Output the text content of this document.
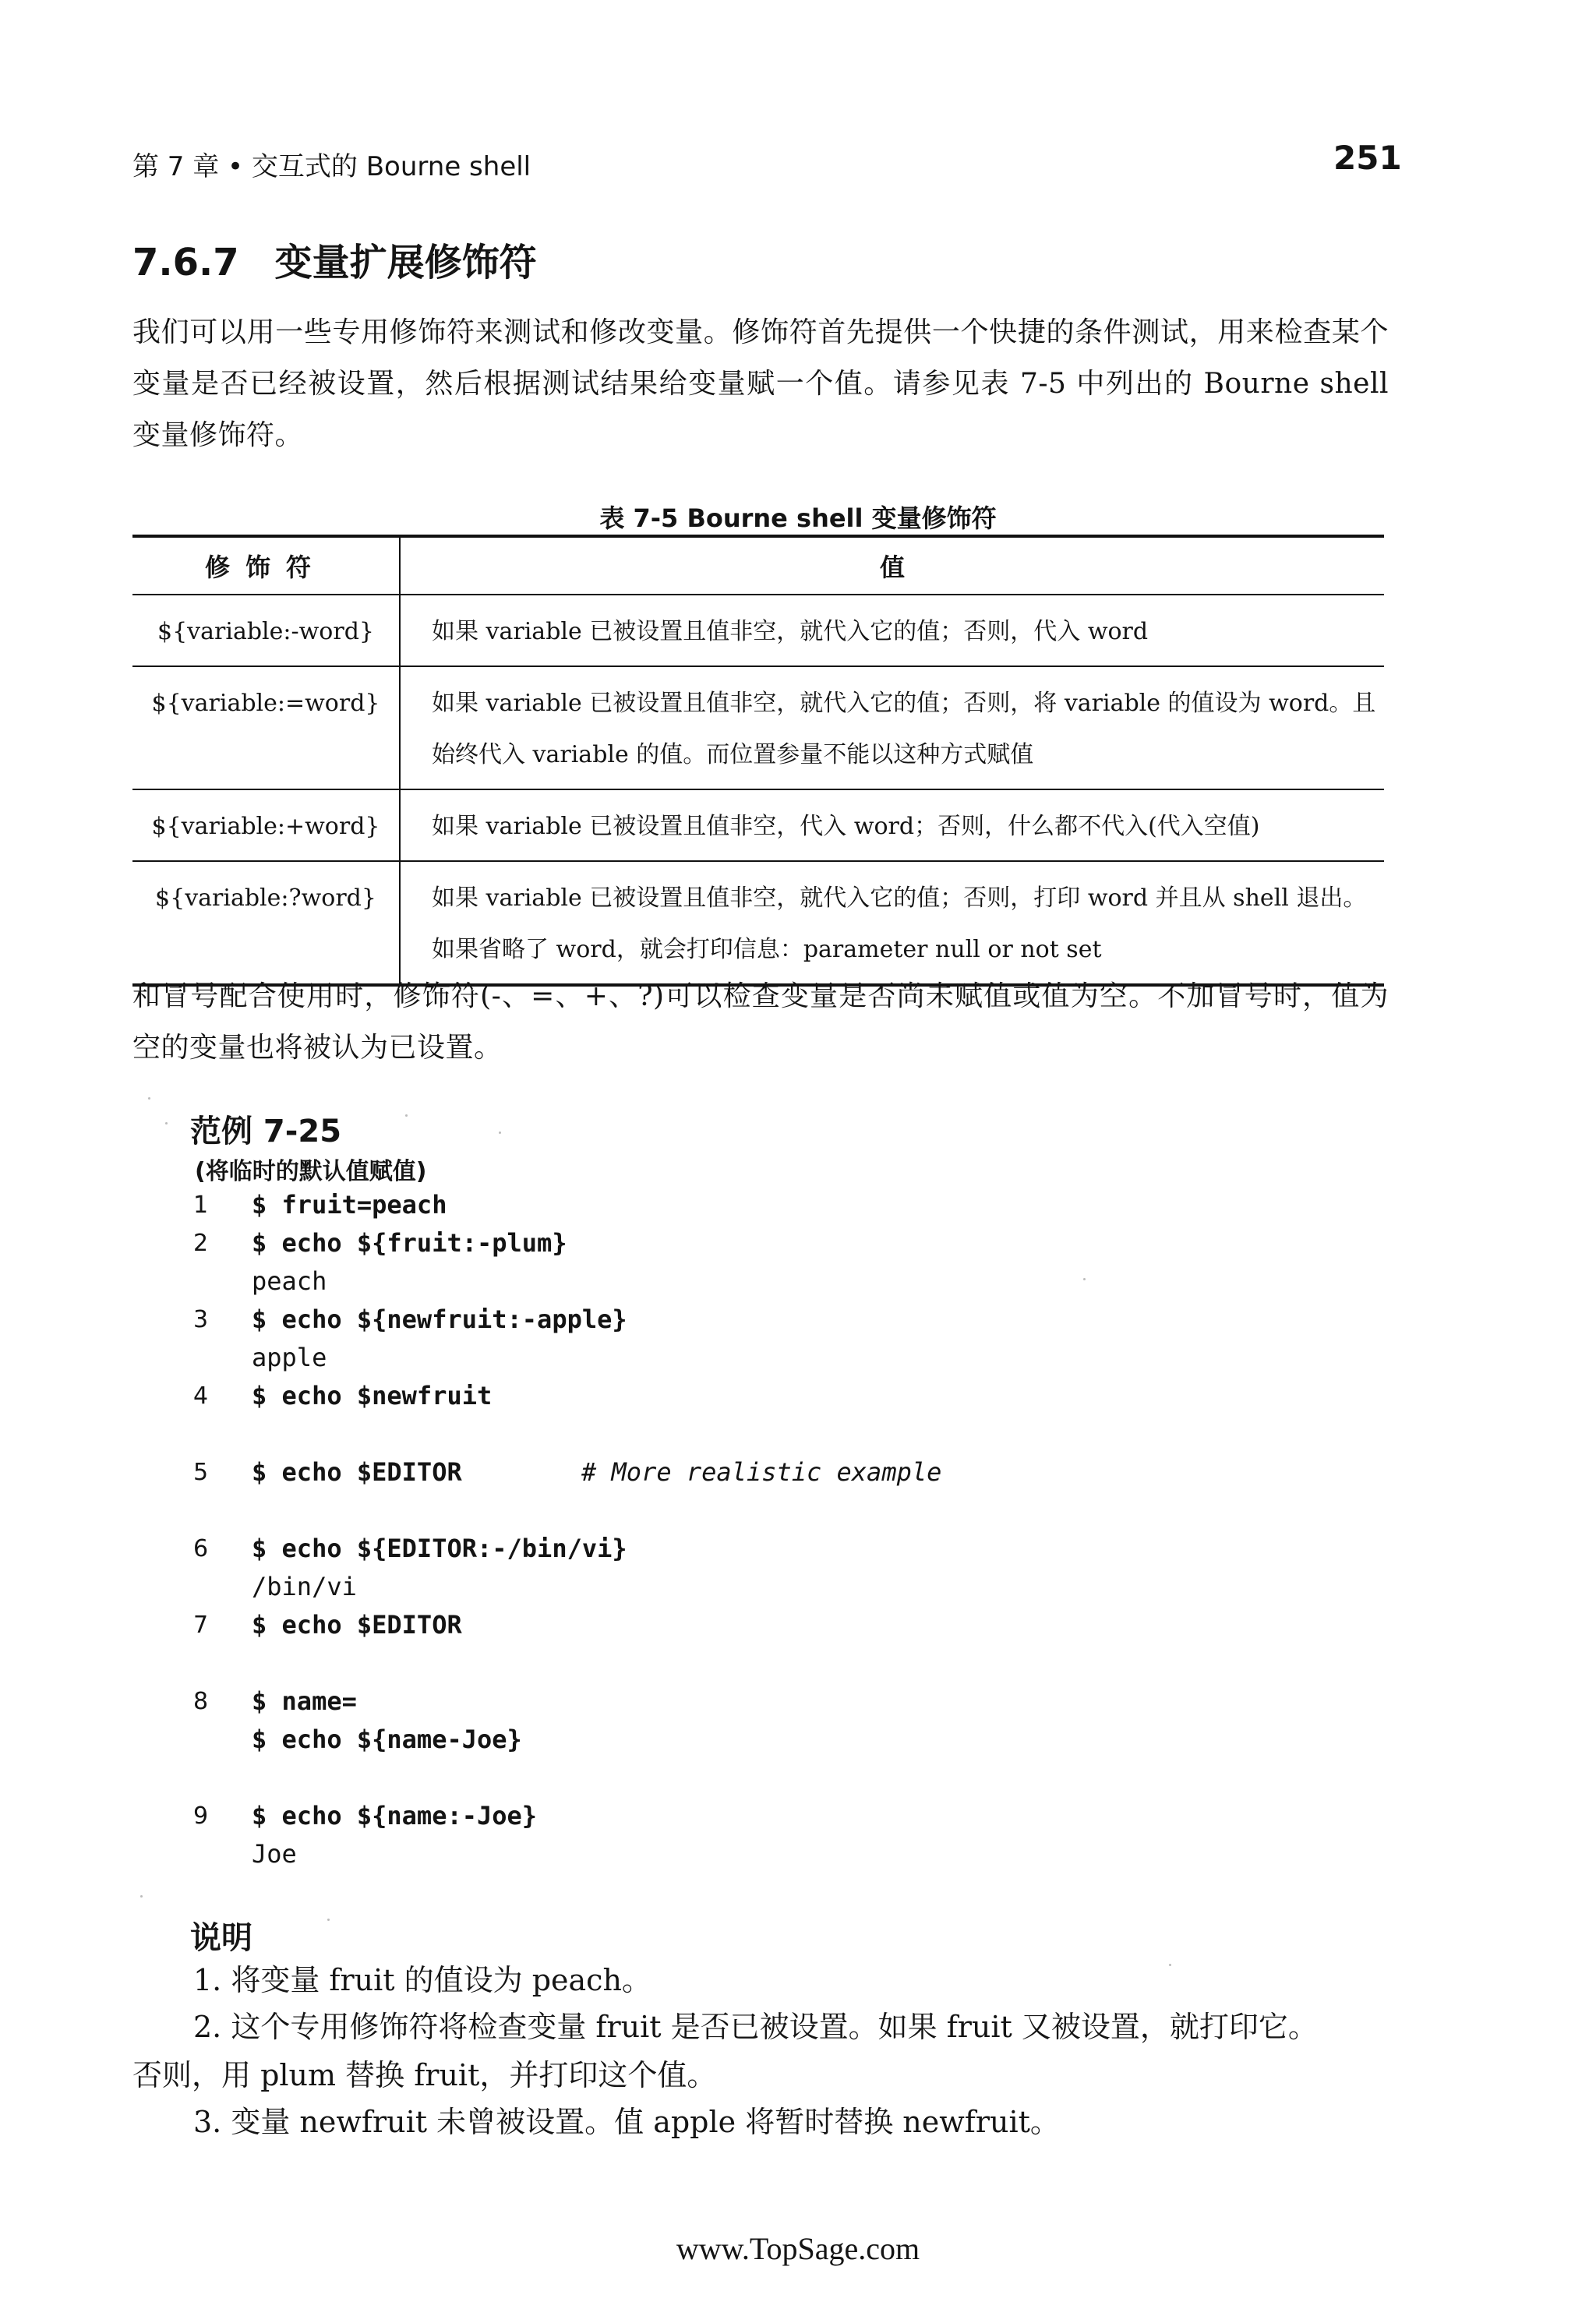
第 7 章 • 交互式的 Bourne shell	251
7.6.7 变量扩展修饰符
我们可以用一些专用修饰符来测试和修改变量。修饰符首先提供一个快捷的条件测试，用来检查某个变量是否已经被设置，然后根据测试结果给变量赋一个值。请参见表 7-5 中列出的 Bourne shell 变量修饰符。
表 7-5 Bourne shell 变量修饰符
修饰符	值
${variable:-word}	如果 variable 已被设置且值非空，就代入它的值；否则，代入 word
${variable:=word}	如果 variable 已被设置且值非空，就代入它的值；否则，将 variable 的值设为 word。且始终代入 variable 的值。而位置参量不能以这种方式赋值
${variable:+word}	如果 variable 已被设置且值非空，代入 word；否则，什么都不代入(代入空值)
${variable:?word}	如果 variable 已被设置且值非空，就代入它的值；否则，打印 word 并且从 shell 退出。如果省略了 word，就会打印信息：parameter null or not set
和冒号配合使用时，修饰符(-、=、+、?)可以检查变量是否尚未赋值或值为空。不加冒号时，值为空的变量也将被认为已设置。
范例 7-25
(将临时的默认值赋值)
1	$ fruit=peach
2	$ echo ${fruit:-plum}
peach
3	$ echo ${newfruit:-apple}
apple
4	$ echo $newfruit
5	$ echo $EDITOR	# More realistic example
6	$ echo ${EDITOR:-/bin/vi}
/bin/vi
7	$ echo $EDITOR
8	$ name=
$ echo ${name-Joe}
9	$ echo ${name:-Joe}
Joe
说明
1. 将变量 fruit 的值设为 peach。
2. 这个专用修饰符将检查变量 fruit 是否已被设置。如果 fruit 又被设置，就打印它。
否则，用 plum 替换 fruit，并打印这个值。
3. 变量 newfruit 未曾被设置。值 apple 将暂时替换 newfruit。
www.TopSage.com
